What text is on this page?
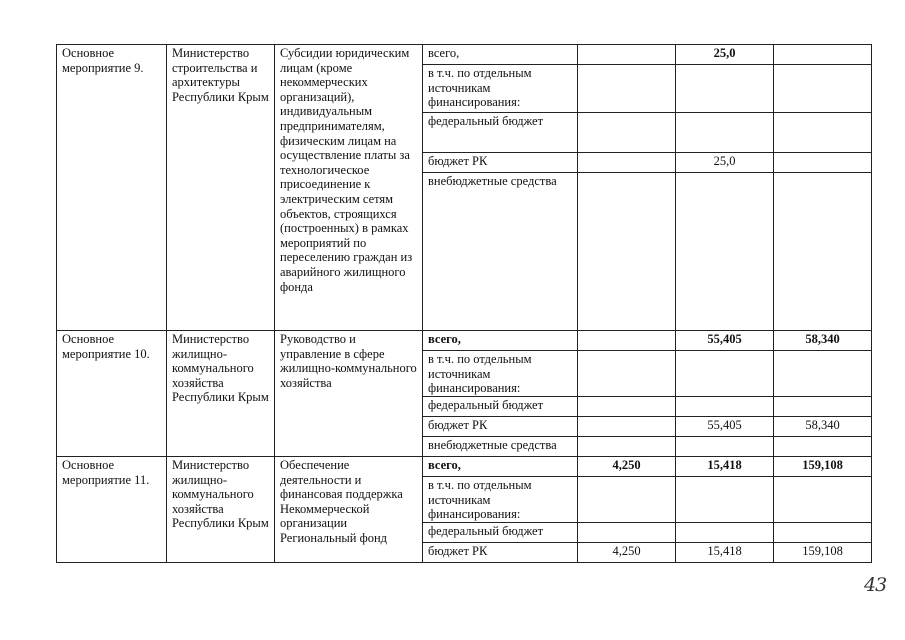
Основное мероприятие 9.	Министерство строительства и архитектуры Республики Крым	Субсидии юридическим лицам (кроме некоммерческих организаций), индивидуальным предпринимателям, физическим лицам на осуществление платы за технологическое присоединение к электрическим сетям объектов, строящихся (построенных) в рамках мероприятий по переселению граждан из аварийного жилищного фонда	всего,		25,0	
			в т.ч. по отдельным источникам финансирования:			
			федеральный бюджет			
			бюджет РК		25,0	
			внебюджетные средства			
Основное мероприятие 10.	Министерство жилищно-коммунального хозяйства Республики Крым	Руководство и управление в сфере жилищно-коммунального хозяйства	всего,		55,405	58,340
			в т.ч. по отдельным источникам финансирования:			
			федеральный бюджет			
			бюджет РК		55,405	58,340
			внебюджетные средства			
Основное мероприятие 11.	Министерство жилищно-коммунального хозяйства Республики Крым	Обеспечение деятельности и финансовая поддержка Некоммерческой организации Региональный фонд	всего,	4,250	15,418	159,108
			в т.ч. по отдельным источникам финансирования:			
			федеральный бюджет			
			бюджет РК	4,250	15,418	159,108
43
